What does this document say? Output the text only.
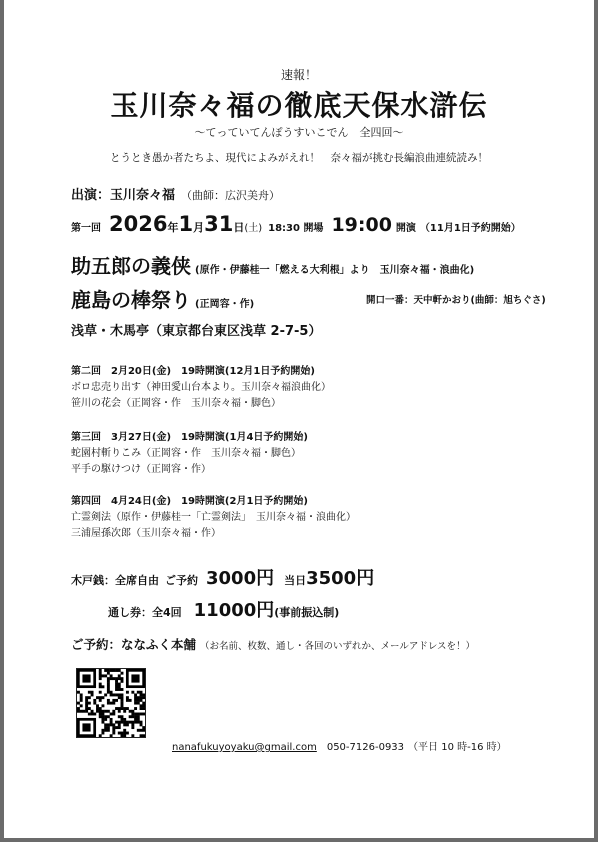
速報！
玉川奈々福の徹底天保水滸伝
～てっていてんぽうすいこでん　全四回～
とうとき愚か者たちよ、現代によみがえれ！　奈々福が挑む長編浪曲連続読み！
出演：玉川奈々福 （曲師：広沢美舟）
第一回 2026年1月31日(土) 18:30 開場 19:00 開演 （11月1日予約開始）
助五郎の義侠 (原作・伊藤桂一「燃える大利根」より　玉川奈々福・浪曲化)
鹿島の棒祭り (正岡容・作)	開口一番：天中軒かおり(曲師：旭ちぐさ)
浅草・木馬亭（東京都台東区浅草 2-7-5）
第二回　2月20日(金)　19時開演(12月1日予約開始)
ボロ忠売り出す（神田愛山台本より。玉川奈々福浪曲化）
笹川の花会（正岡容・作　玉川奈々福・脚色）
第三回　3月27日(金)　19時開演(1月4日予約開始)
蛇園村斬りこみ（正岡容・作　玉川奈々福・脚色）
平手の駆けつけ（正岡容・作）
第四回　4月24日(金)　19時開演(2月1日予約開始)
亡霊剣法（原作・伊藤桂一「亡霊剣法」　玉川奈々福・浪曲化）
三浦屋孫次郎（玉川奈々福・作）
木戸銭：全席自由 ご予約 3000円 当日3500円
通し券：全4回 11000円(事前振込制)
ご予約：ななふく本舗 （お名前、枚数、通し・各回のいずれか、メールアドレスを！）
nanafukuyoyaku@gmail.com 050-7126-0933 （平日 10 時-16 時）
